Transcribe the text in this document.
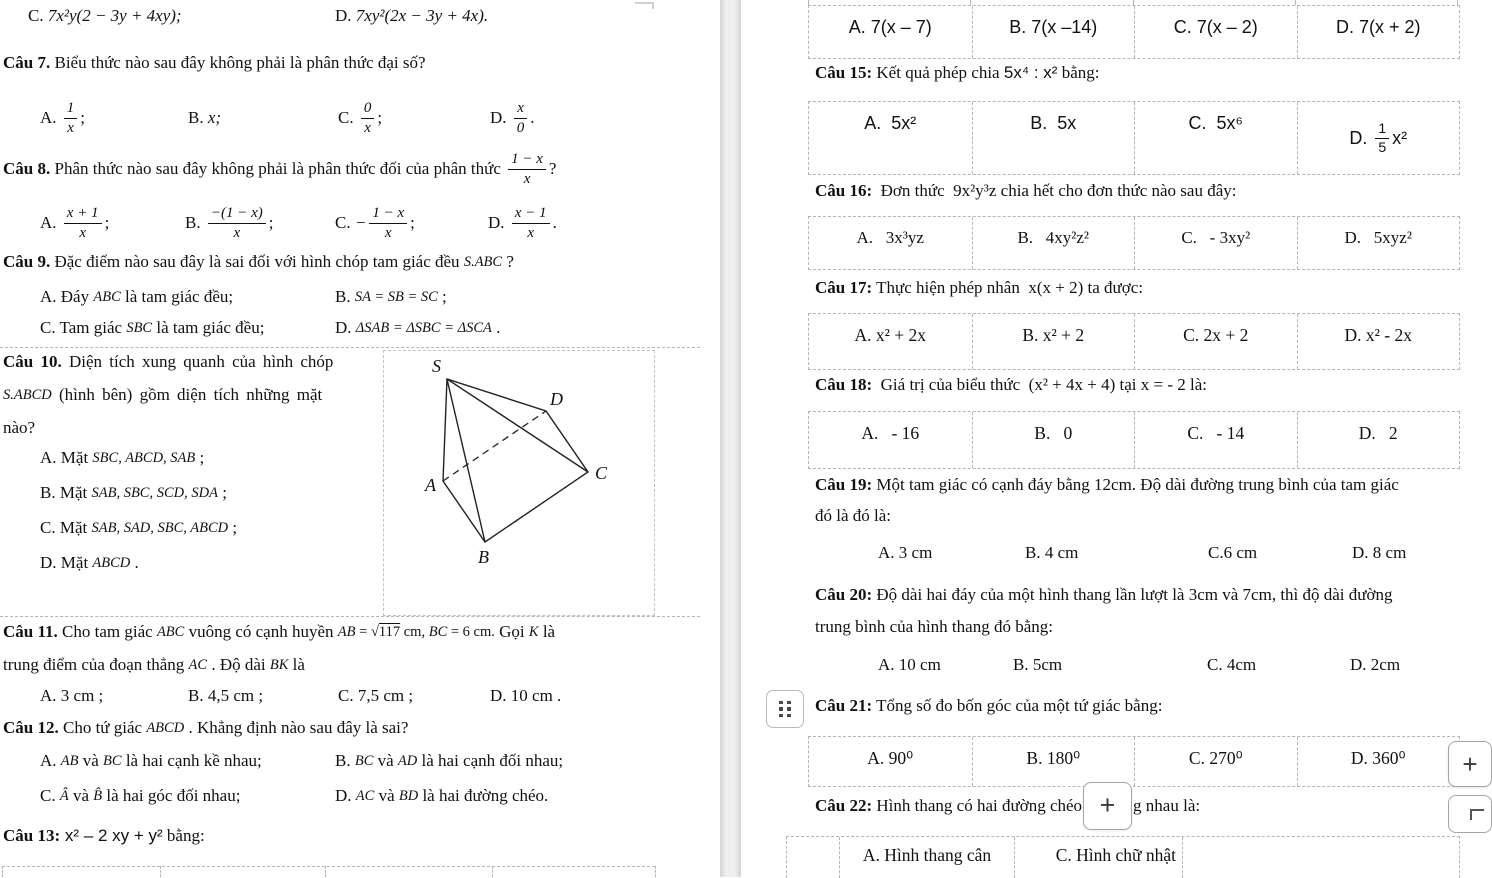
C. 7x²y(2 − 3y + 4xy);	D. 7xy²(2x − 3y + 4x).
Câu 7. Biểu thức nào sau đây không phải là phân thức đại số?
A. $\frac{1}{x}$ ;	B. x;	C. $\frac{0}{x}$ ;	D. $\frac{x}{0}$ .
Câu 8. Phân thức nào sau đây không phải là phân thức đối của phân thức $\frac{1 - x}{x}$ ?
A. $\frac{x + 1}{x}$ ;	B. $\frac{-(1 - x)}{x}$ ;	C. − $\frac{1 - x}{x}$ ;	D. $\frac{x - 1}{x}$ .
Câu 9. Đặc điểm nào sau đây là sai đối với hình chóp tam giác đều S.ABC ?
A. Đáy ABC là tam giác đều;	B. SA = SB = SC ;
C. Tam giác SBC là tam giác đều;	D. ΔSAB = ΔSBC = ΔSCA .
Câu 10. Diện tích xung quanh của hình chóp
S.ABCD (hình bên) gồm diện tích những mặt
nào?
A. Mặt SBC, ABCD, SAB ;
B. Mặt SAB, SBC, SCD, SDA ;
C. Mặt SAB, SAD, SBC, ABCD ;
D. Mặt ABCD .
S
A
B
C
D
Câu 11. Cho tam giác ABC vuông có cạnh huyền AB = √ 117 cm, BC = 6 cm. Gọi K là
trung điểm của đoạn thẳng AC . Độ dài BK là
A. 3 cm ;	B. 4,5 cm ;	C. 7,5 cm ;	D. 10 cm .
Câu 12. Cho tứ giác ABCD . Khẳng định nào sau đây là sai?
A. AB và BC là hai cạnh kề nhau;	B. BC và AD là hai cạnh đối nhau;
C. Â và B̂ là hai góc đối nhau;	D. AC và BD là hai đường chéo.
Câu 13: x² – 2 xy + y² bằng:
A. 7(x – 7)	B. 7(x –14)	C. 7(x – 2)	D. 7(x + 2)
Câu 15: Kết quả phép chia 5x⁴ : x² bằng:
A.  5x²	B.  5x	C.  5x⁶
D. $\frac{1}{5} x^2$
Câu 16: Đơn thức 9x²y³z chia hết cho đơn thức nào sau đây:
A.   3x³yz	B.   4xy²z²	C.   - 3xy²	D.   5xyz²
Câu 17: Thực hiện phép nhân x(x + 2) ta được:
A. x² + 2x	B. x² + 2	C. 2x + 2	D. x² - 2x
Câu 18: Giá trị của biểu thức (x² + 4x + 4) tại x = - 2 là:
A.   - 16	B.   0	C.   - 14	D.   2
Câu 19: Một tam giác có cạnh đáy bằng 12cm. Độ dài đường trung bình của tam giác
đó là đó là:
A. 3 cm	B. 4 cm	C.6 cm	D. 8 cm
Câu 20: Độ dài hai đáy của một hình thang lần lượt là 3cm và 7cm, thì độ dài đường
trung bình của hình thang đó bằng:
A. 10 cm	B. 5cm	C. 4cm	D. 2cm
Câu 21: Tổng số đo bốn góc của một tứ giác bằng:
A. 90⁰	B. 180⁰	C. 270⁰	D. 360⁰	+
Câu 22: Hình thang có hai đường chéo + g nhau là:
A. Hình thang cân	C. Hình chữ nhật
